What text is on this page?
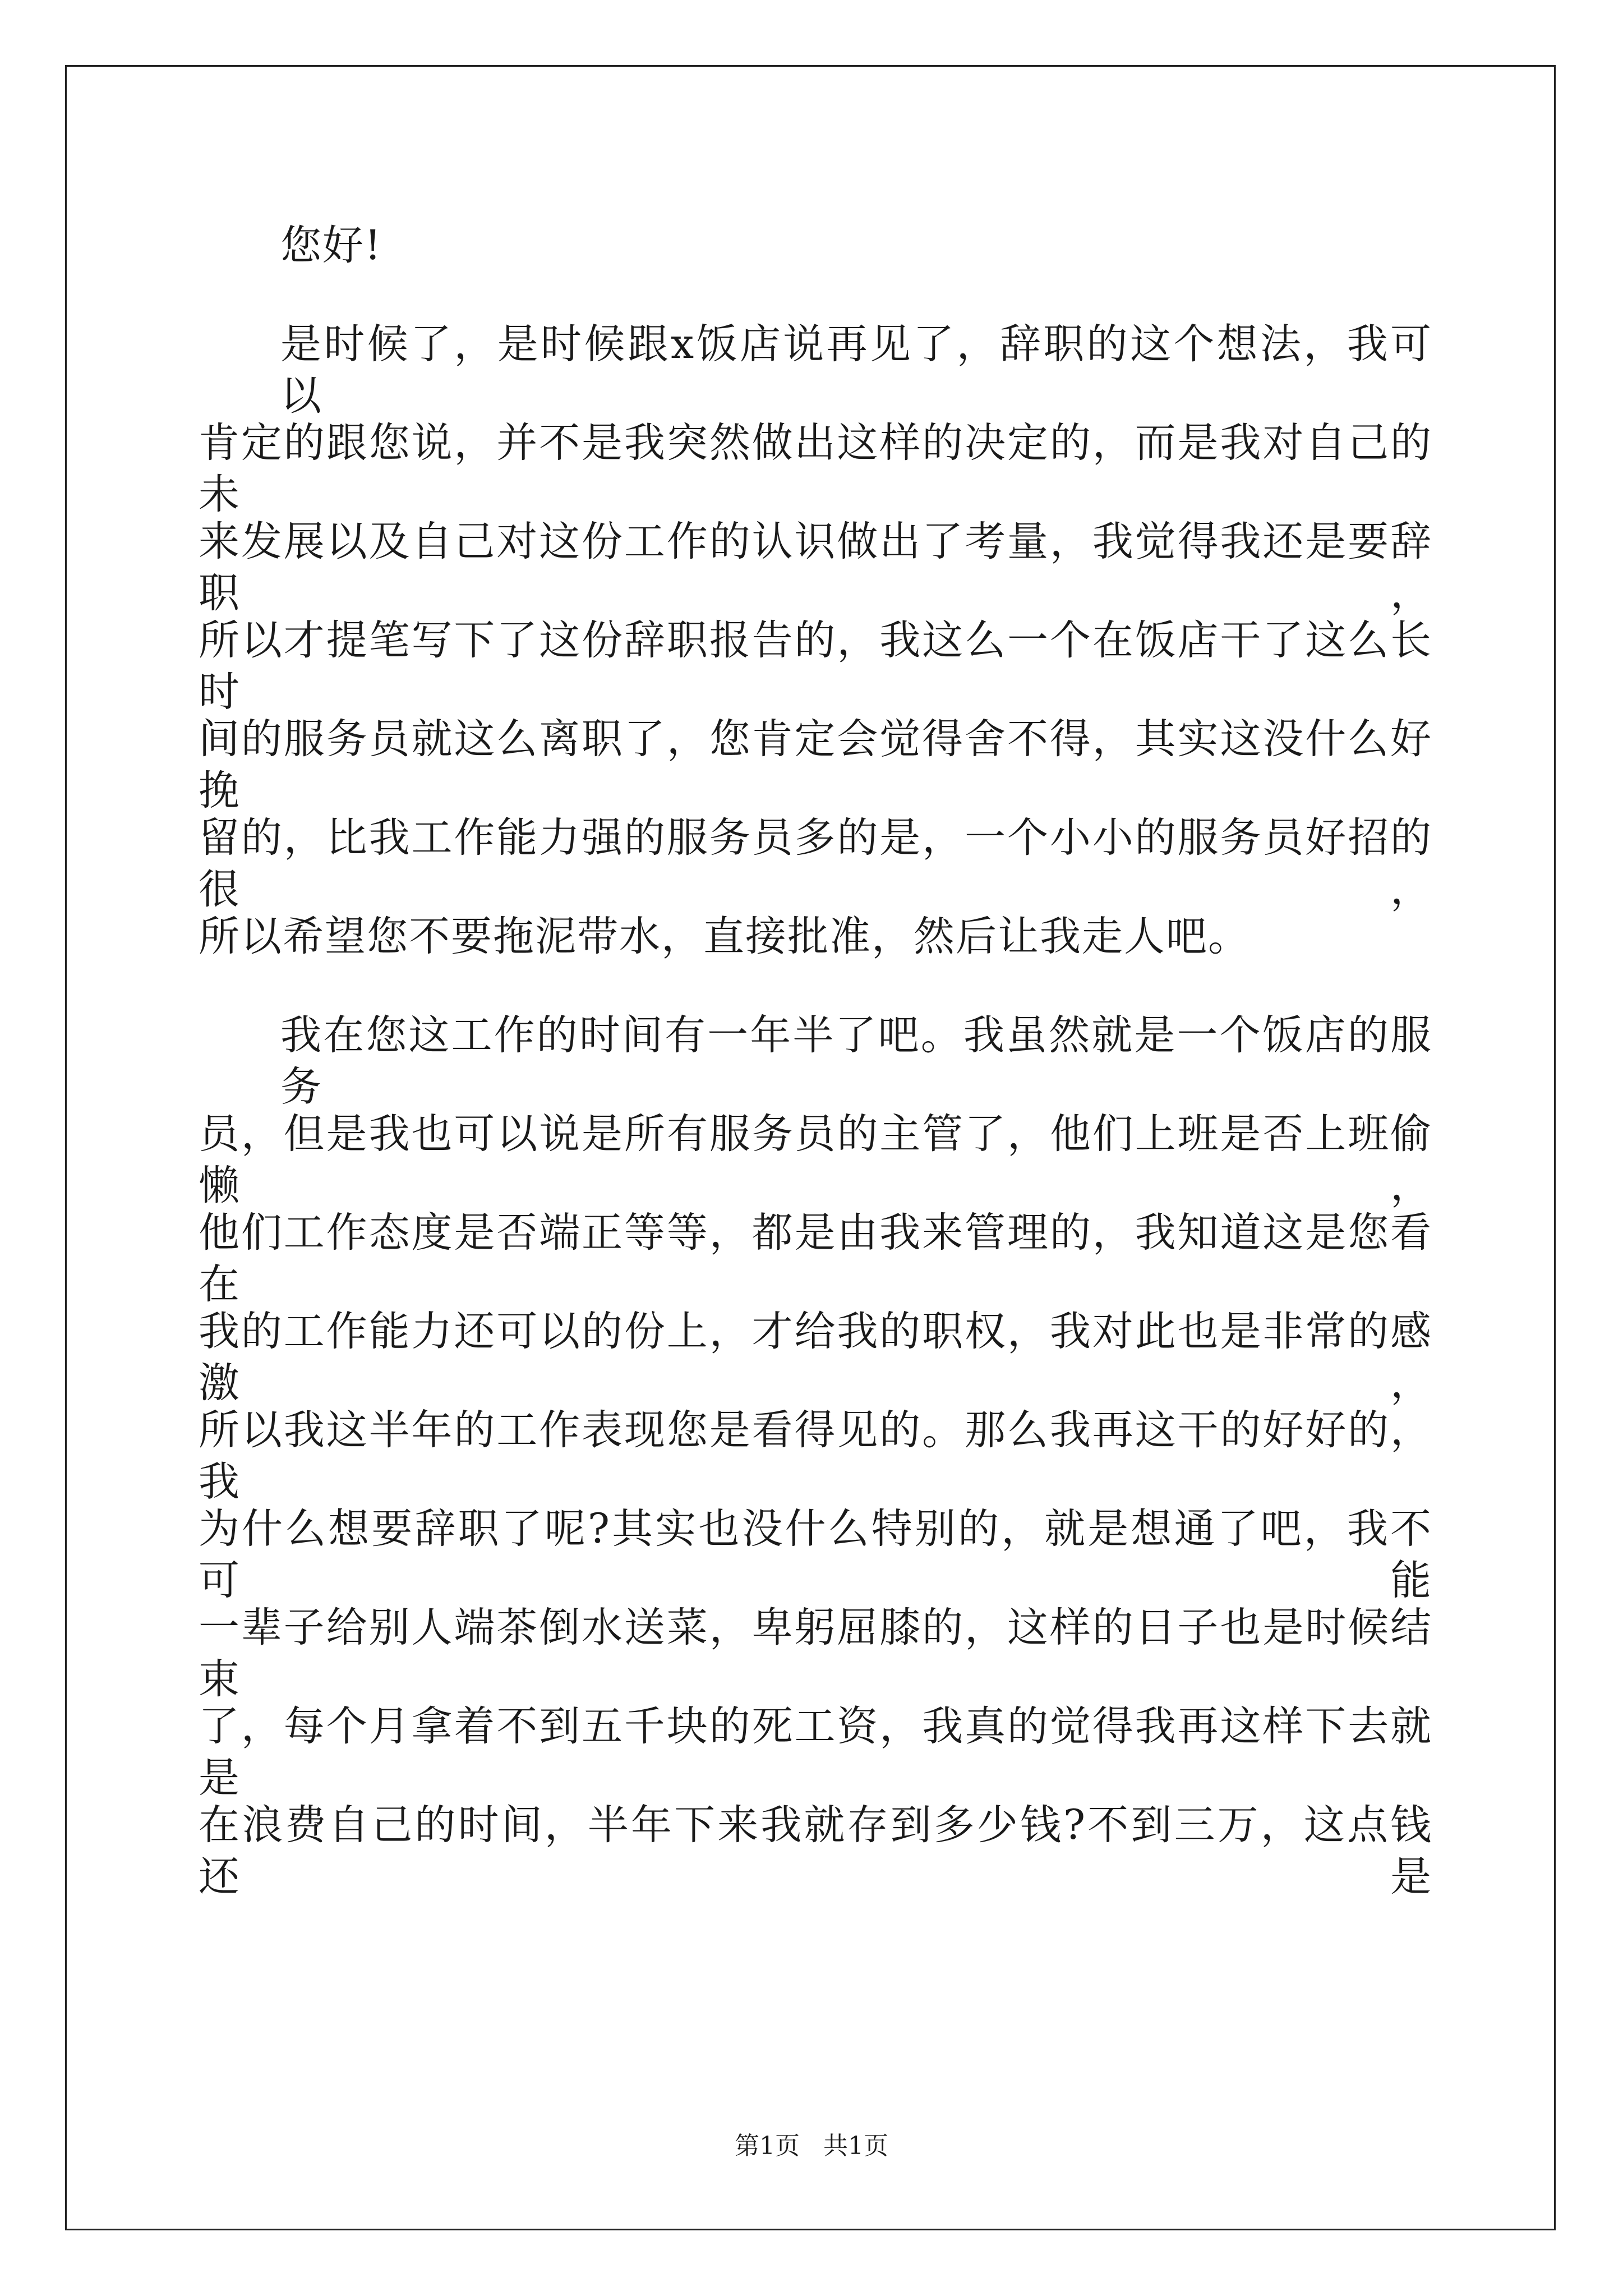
您好!
是时候了，是时候跟x饭店说再见了，辞职的这个想法，我可以
肯定的跟您说，并不是我突然做出这样的决定的，而是我对自己的未
来发展以及自己对这份工作的认识做出了考量，我觉得我还是要辞职，
所以才提笔写下了这份辞职报告的，我这么一个在饭店干了这么长时
间的服务员就这么离职了，您肯定会觉得舍不得，其实这没什么好挽
留的，比我工作能力强的服务员多的是，一个小小的服务员好招的很，
所以希望您不要拖泥带水，直接批准，然后让我走人吧。
我在您这工作的时间有一年半了吧。我虽然就是一个饭店的服务
员，但是我也可以说是所有服务员的主管了，他们上班是否上班偷懒，
他们工作态度是否端正等等，都是由我来管理的，我知道这是您看在
我的工作能力还可以的份上，才给我的职权，我对此也是非常的感激，
所以我这半年的工作表现您是看得见的。那么我再这干的好好的，我
为什么想要辞职了呢?其实也没什么特别的，就是想通了吧，我不可能
一辈子给别人端茶倒水送菜，卑躬屈膝的，这样的日子也是时候结束
了，每个月拿着不到五千块的死工资，我真的觉得我再这样下去就是
在浪费自己的时间，半年下来我就存到多少钱?不到三万，这点钱还是
第1页   共1页
